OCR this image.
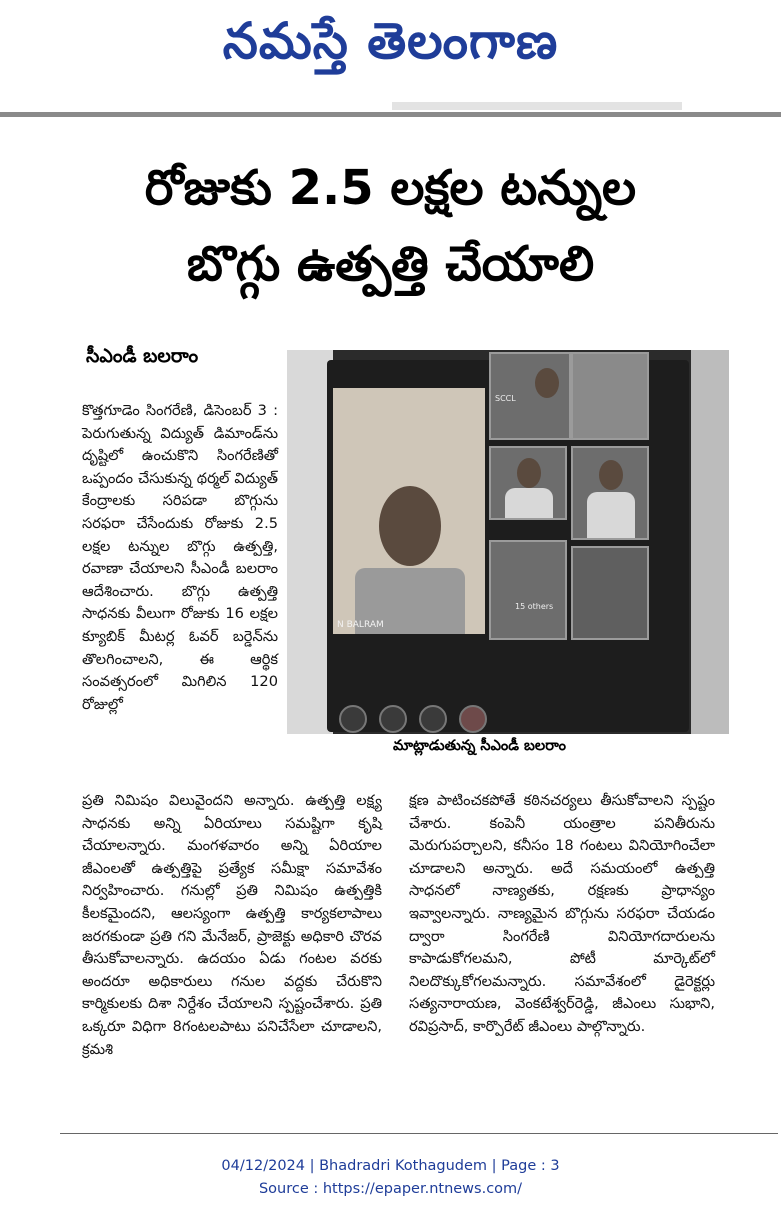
నమస్తే తెలంగాణ
రోజుకు 2.5 లక్షల టన్నుల
బొగ్గు ఉత్పత్తి చేయాలి
సీఎండీ బలరాం
కొత్తగూడెం సింగరేణి, డిసెంబర్ 3 : పెరుగుతున్న విద్యుత్ డిమాండ్‌ను దృష్టిలో ఉంచుకొని సింగరేణితో ఒప్పందం చేసుకున్న థర్మల్ విద్యుత్ కేంద్రాలకు సరిపడా బొగ్గును సరఫరా చేసేందుకు రోజుకు 2.5 లక్షల టన్నుల బొగ్గు ఉత్పత్తి, రవాణా చేయాలని సీఎండీ బలరాం ఆదేశించారు. బొగ్గు ఉత్పత్తి సాధనకు వీలుగా రోజుకు 16 లక్షల క్యూబిక్ మీటర్ల ఓవర్ బర్డెన్‌ను తొలగించాలని, ఈ ఆర్థిక సంవత్సరంలో మిగిలిన 120 రోజుల్లో
N BALRAM
SCCL
15 others
మాట్లాడుతున్న సీఎండీ బలరాం
ప్రతి నిమిషం విలువైందని అన్నారు. ఉత్పత్తి లక్ష్య సాధనకు అన్ని ఏరియాలు సమష్టిగా కృషి చేయాలన్నారు. మంగళవారం అన్ని ఏరియాల జీఎంలతో ఉత్పత్తిపై ప్రత్యేక సమీక్షా సమావేశం నిర్వహించారు. గనుల్లో ప్రతి నిమిషం ఉత్పత్తికి కీలకమైందని, ఆలస్యంగా ఉత్పత్తి కార్యకలాపాలు జరగకుండా ప్రతి గని మేనేజర్, ప్రాజెక్టు అధికారి చొరవ తీసుకోవాలన్నారు. ఉదయం ఏడు గంటల వరకు అందరూ అధికారులు గనుల వద్దకు చేరుకొని కార్మికులకు దిశా నిర్దేశం చేయాలని స్పష్టంచేశారు. ప్రతి ఒక్కరూ విధిగా 8గంటలపాటు పనిచేసేలా చూడాలని, క్రమశి
క్షణ పాటించకపోతే కఠినచర్యలు తీసుకోవాలని స్పష్టం చేశారు. కంపెనీ యంత్రాల పనితీరును మెరుగుపర్చాలని, కనీసం 18 గంటలు వినియోగించేలా చూడాలని అన్నారు. అదే సమయంలో ఉత్పత్తి సాధనలో నాణ్యతకు, రక్షణకు ప్రాధాన్యం ఇవ్వాలన్నారు. నాణ్యమైన బొగ్గును సరఫరా చేయడం ద్వారా సింగరేణి వినియోగదారులను కాపాడుకోగలమని, పోటీ మార్కెట్‌లో నిలదొక్కుకోగలమన్నారు. సమావేశంలో డైరెక్టర్లు సత్యనారాయణ, వెంకటేశ్వర్‌రెడ్డి, జీఎంలు సుభాని, రవిప్రసాద్, కార్పొరేట్ జీఎంలు పాల్గొన్నారు.
04/12/2024 | Bhadradri Kothagudem | Page : 3
Source : https://epaper.ntnews.com/
